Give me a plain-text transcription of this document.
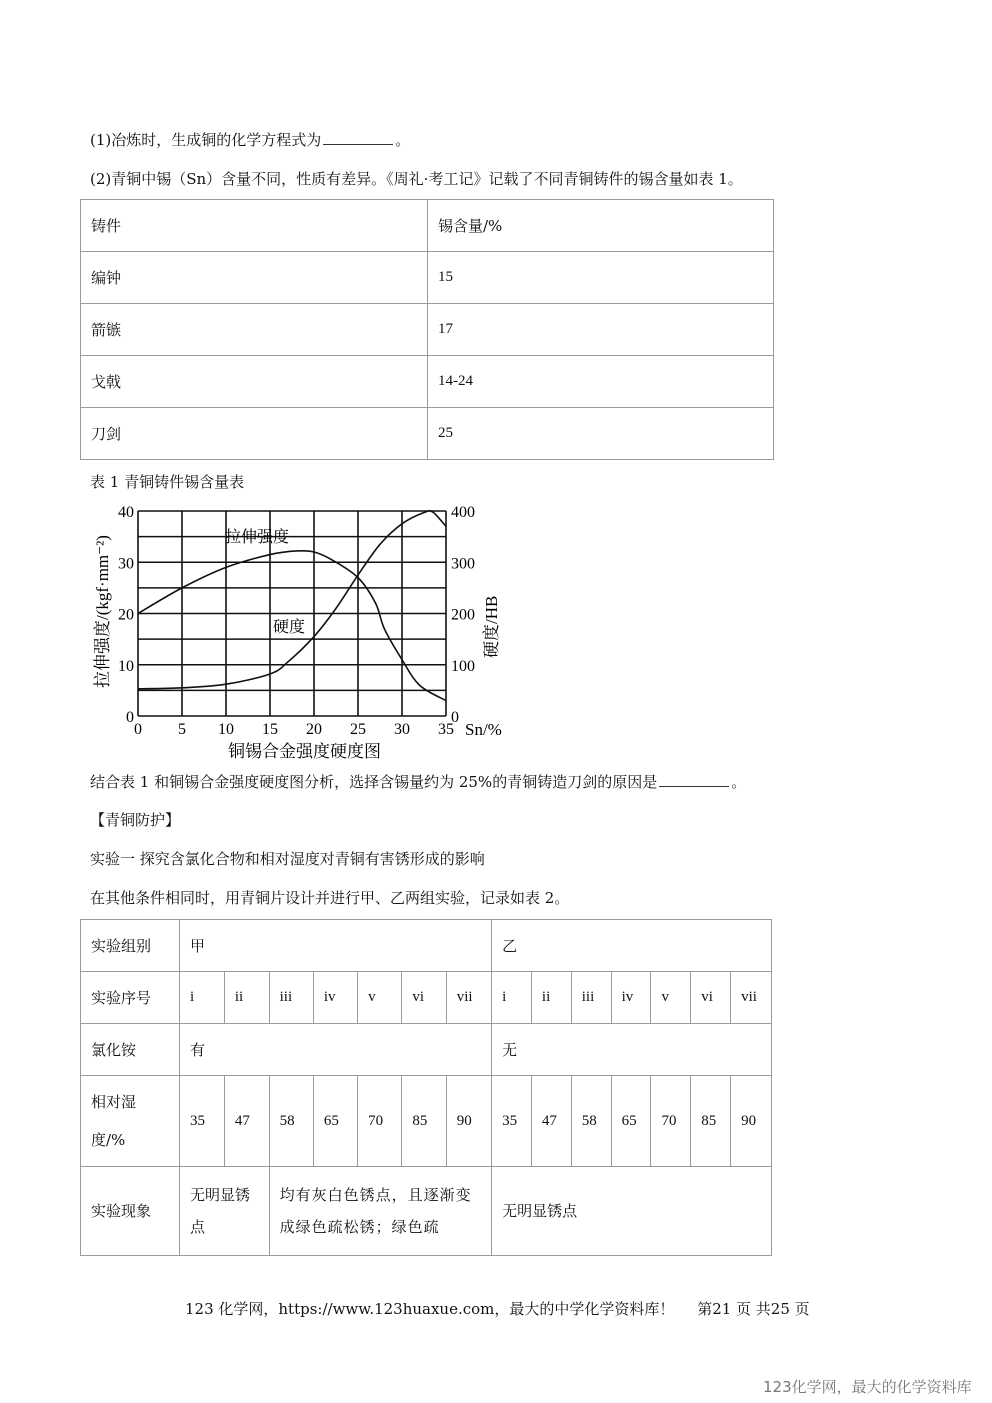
(1)冶炼时，生成铜的化学方程式为	。
(2)青铜中锡（Sn）含量不同，性质有差异。《周礼·考工记》记载了不同青铜铸件的锡含量如表 1。
铸件	锡含量/%
编钟	15
箭镞	17
戈戟	14-24
刀剑	25
表 1 青铜铸件锡含量表
0 5 10 15 20 25 30 35
0
10
20
30
40
0
100
200
300
400
拉伸强度
硬度
拉伸强度/(kgf·mm⁻²)	硬度/HB
Sn/%
铜锡合金强度硬度图
结合表 1 和铜锡合金强度硬度图分析，选择含锡量约为 25%的青铜铸造刀剑的原因是	。
【青铜防护】
实验一 探究含氯化合物和相对湿度对青铜有害锈形成的影响
在其他条件相同时，用青铜片设计并进行甲、乙两组实验，记录如表 2。
实验组别	甲							乙						
实验序号	i	ii	iii	iv	v	vi	vii	i	ii	iii	iv	v	vi	vii
氯化铵	有							无						
相对湿度/%	35	47	58	65	70	85	90	35	47	58	65	70	85	90
实验现象	无明显锈点		均有灰白色锈点，且逐渐变成绿色疏松锈；绿色疏					无明显锈点						
123 化学网，https://www.123huaxue.com，最大的中学化学资料库！ 第21 页 共25 页
123化学网，最大的化学资料库
